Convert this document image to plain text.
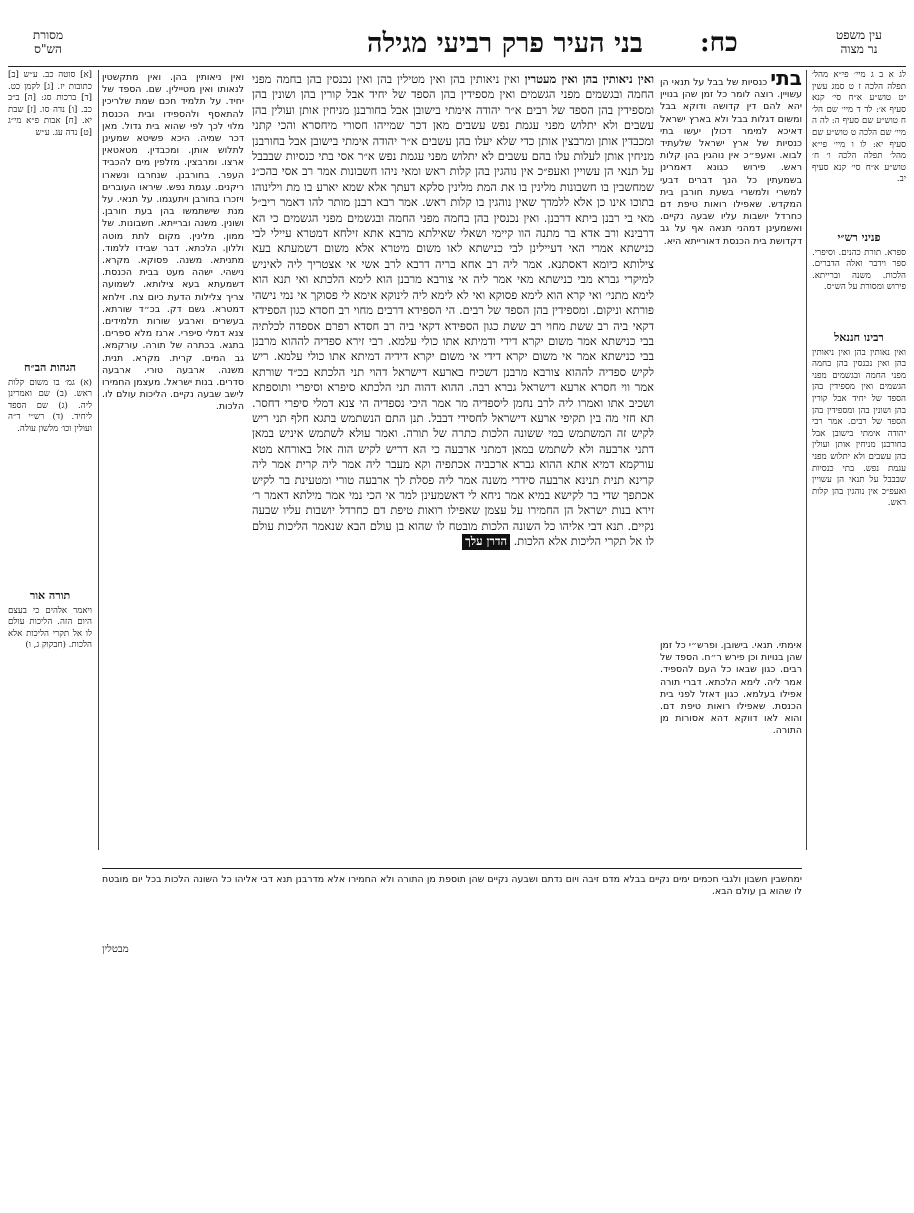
מסורת
הש"ס	בני העיר פרק רביעי מגילה	כח:	עין משפט
נר מצוה

לג א ב ג מיי׳ פי״א מהל׳ תפלה הלכה ז ט סמג עשין יט טוש״ע א״ח סי׳ קנא סעיף א׳: לד ד מיי׳ שם הל׳ ח טוש״ע שם סעיף ה: לה ה מיי׳ שם הלכה ט טוש״ע שם סעיף יא: לו ו מיי׳ פי״א מהל׳ תפלה הלכה ו׳ ח׳ טוש״ע א״ח סי׳ קנא סעיף יב.

פניני רש״י

ספרא. תורת כהנים. וסיפרי. ספר וידבר ואלה הדברים. הלכות. משנה וברייתא. פירוש ומסורת על הש״ס.

רבינו חננאל

ואין נאותין בהן ואין ניאותין בהן ואין נכנסין בהן בחמה מפני החמה ובגשמים מפני הגשמים ואין מספידין בהן הספד של יחיד אבל קורין בהן ושונין בהן ומספידין בהן הספד של רבים. אמר רבי יהודה אימתי בישובן אבל בחורבנן מניחין אותן ועולין בהן עשבים ולא יתלוש מפני עגמת נפש. בתי כנסיות שבבבל על תנאי הן עשויין ואעפ״כ אין נוהגין בהן קלות ראש.

[א] סוטה כב. ע״ש [ב] כתובות יז. [ג] לקמן כט. [ד] ברכות סג: [ה] ב״ב כב. [ו] נדה סו. [ז] שבת יא. [ח] אבות פ״א מי״ג [ט] נדה עג. ע״ש

הגהות הב״ח

(א) גמ׳ בו משום קלות ראש. (ב) שם ואמרינן ליה. (ג) שם הספד ליחיד. (ד) רש״י ד״ה ועולין וכו׳ מלשון עולה.

תורה אור

ויאמר אלהים כי בעצם היום הזה. הליכות עולם לו אל תקרי הליכות אלא הלכות. (חבקוק ג, ו)

בתי כנסיות של בבל על תנאי הן עשויין. רוצה לומר כל זמן שהן בנויין יהא להם דין קדושה ודוקא בבל ומשום דגלות בבל ולא בארץ ישראל דאיכא למימר דכולן יעשו בתי כנסיות של ארץ ישראל שלעתיד לבוא. ואעפ״כ אין נוהגין בהן קלות ראש. פירוש כגונא דאמרינן בשמעתין כל הנך דברים דבעי למשרי ולמשרי בשעת חורבן בית המקדש. שאפילו רואות טיפת דם כחרדל יושבות עליו שבעה נקיים. ואשמעינן דמהני תנאה אף על גב דקדושת בית הכנסת דאורייתא היא.

ואין ניאותין בהן. ואין מתקשטין לנאותו ואין מטיילין. שם. הספד של יחיד. על תלמיד חכם שמת שלריכין להתאסף ולהספידו ובית הכנסת מלוי לכך לפי שהוא בית גדול. מאן דכר שמיה. היכא פשיטא שמעינן לתלוש אותן. ומכבדין. מטאטאין ארצו. ומרבצין. מזלפין מים להכביד העפר. בחורבנן. שנחרבו ונשארו ריקנים. עגמת נפש. שיראו העוברים ויזכרו בחורבן ויתעגמו. על תנאי. על מנת שישתמשו בהן בעת חורבן. ושונין. משנה וברייתא. חשבונות. של ממון. מלינין. מקום לתת מוטה וללון. הלכתא. דבר שבידו ללמוד. מתניתא. משנה. פסוקא. מקרא. נישהי. ישהה מעט בבית הכנסת. דשמעתא בעא צילותא. לשמועה צריך צלילות הדעת כיום צח. זילחא דמטרא. גשם דק. בכ״ד שורתא. בעשרים וארבע שורות תלמידים. צנא דמלי סיפרי. ארגז מלא ספרים. בתגא. בכתרה של תורה. עורקמא. גב המים. קרית. מקרא. תנית. משנה. ארבעה טורי. ארבעה סדרים. בנות ישראל. מעצמן החמירו לישב שבעה נקיים. הליכות עולם לו. הלכות.

אימתי. תנאי. בישובן. ופרש״י כל זמן שהן בנויות וכן פירש ר״ח. הספד של רבים. כגון שבאו כל העם להספיד. אמר ליה. לימא הלכתא. דברי תורה אפילו בעלמא. כגון דאזל לפני בית הכנסת. שאפילו רואות טיפת דם. והוא לאו דווקא דהא אסורות מן התורה.

ואין ניאותין בהן ואין מעטרין ואין ניאותין בהן ואין מטילין בהן ואין נכנסין בהן בחמה מפני החמה ובגשמים מפני הגשמים ואין מספידין בהן הספד של יחיד אבל קורין בהן ושונין בהן ומספידין בהן הספד של רבים א״ר יהודה אימתי בישובן אבל בחורבנן מניחין אותן ועולין בהן עשבים ולא יתלוש מפני עגמת נפש עשבים מאן דכר שמייהו חסורי מיחסרא והכי קתני ומכבדין אותן ומרבצין אותן כדי שלא יעלו בהן עשבים א״ר יהודה אימתי בישובן אבל בחורבנן מניחין אותן לעלות עלו בהם עשבים לא יתלוש מפני עגמת נפש א״ר אסי בתי כנסיות שבבבל על תנאי הן עשויין ואעפ״כ אין נוהגין בהן קלות ראש ומאי ניהו חשבונות אמר רב אסי בהכ״נ שמחשבין בו חשבונות מלינין בו את המת מלינין סלקא דעתך אלא שמא יארע בו מת וילינוהו בתוכו אינו כן אלא ללמדך שאין נוהגין בו קלות ראש. אמר רבא רבנן מותר להו דאמר ריב״ל מאי בי רבנן ביתא דרבנן. ואין נכנסין בהן בחמה מפני החמה ובגשמים מפני הגשמים כי הא דרבינא ורב אדא בר מתנה הוו קיימי ושאלי שאילתא מרבא אתא זילחא דמטרא עיילי לבי כנישתא אמרי האי דעיילינן לבי כנישתא לאו משום מיטרא אלא משום דשמעתא בעא צילותא כיומא דאסתנא. אמר ליה רב אחא בריה דרבא לרב אשי אי אצטריך ליה לאיניש למיקרי גברא מבי כנישתא מאי אמר ליה אי צורבא מרבנן הוא לימא הלכתא ואי תנא הוא לימא מתני׳ ואי קרא הוא לימא פסוקא ואי לא לימא ליה לינוקא אימא לי פסוקך אי נמי נישהי פורתא וניקום. ומספידין בהן הספד של רבים. הי הספידא דרבים מחוי רב חסדא כגון הספידא דקאי ביה רב ששת מחוי רב ששת כגון הספידא דקאי ביה רב חסדא רפרם אספדה לכלתיה בבי כנישתא אמר משום יקרא דידי ודמיתא אתו כולי עלמא. רבי זירא ספדיה לההוא מרבנן בבי כנישתא אמר אי משום יקרא דידי אי משום יקרא דידיה דמיתא אתו כולי עלמא. ריש לקיש ספדיה לההוא צורבא מרבנן דשכיח בארעא דישראל דהוי תני הלכתא בכ״ד שורתא אמר ווי חסרא ארעא דישראל גברא רבה. ההוא דהוה תני הלכתא סיפרא וסיפרי ותוספתא ושכיב אתו ואמרו ליה לרב נחמן ליספדיה מר אמר היכי נספדיה הי צנא דמלי סיפרי דחסר. תא חזי מה בין תקיפי ארעא דישראל לחסידי דבבל. תנן התם הנשתמש בתגא חלף תני ריש לקיש זה המשתמש במי ששונה הלכות כתרה של תורה. ואמר עולא לשתמש איניש במאן דתני ארבעה ולא לשתמש במאן דמתני ארבעה כי הא דריש לקיש הוה אזל באורחא מטא עורקמא דמיא אתא ההוא גברא ארכביה אכתפיה וקא מעבר ליה אמר ליה קרית אמר ליה קרינא תנית תנינא ארבעה סידרי משנה אמר ליה פסלת לך ארבעה טורי ומטעינת בר לקיש אכתפך שדי בר לקישא במיא אמר ניחא לי דאשמעינן למר אי הכי נמי אמר מילתא דאמר ר׳ זירא בנות ישראל הן החמירו על עצמן שאפילו רואות טיפת דם כחרדל יושבות עליו שבעה נקיים. תנא דבי אליהו כל השונה הלכות מובטח לו שהוא בן עולם הבא שנאמר הליכות עולם לו אל תקרי הליכות אלא הלכות. הדרן עלך

ימחשבין חשבון ולגבי חכמים ימים נקיים בבלא מדם זיבה ויום נדתם ושבעה נקיים שהן תוספת מן התורה ולא החמירו אלא מדרבנן תנא דבי אליהו כל השונה הלכות בכל יום מובטח לו שהוא בן עולם הבא.

מבטלין
